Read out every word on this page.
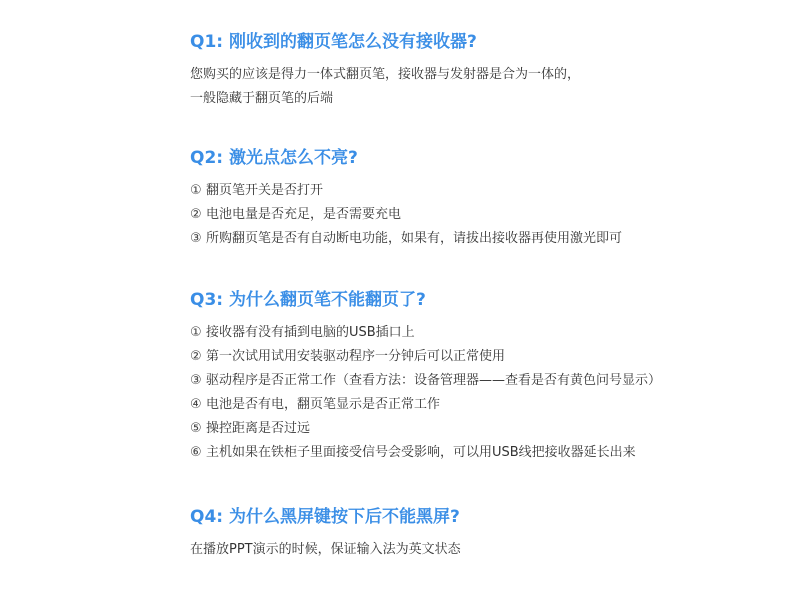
Q1: 刚收到的翻页笔怎么没有接收器?
您购买的应该是得力一体式翻页笔，接收器与发射器是合为一体的，
一般隐藏于翻页笔的后端
Q2: 激光点怎么不亮?
① 翻页笔开关是否打开
② 电池电量是否充足，是否需要充电
③ 所购翻页笔是否有自动断电功能，如果有，请拔出接收器再使用激光即可
Q3: 为什么翻页笔不能翻页了?
① 接收器有没有插到电脑的USB插口上
② 第一次试用试用安装驱动程序一分钟后可以正常使用
③ 驱动程序是否正常工作（查看方法：设备管理器——查看是否有黄色问号显示）
④ 电池是否有电，翻页笔显示是否正常工作
⑤ 操控距离是否过远
⑥ 主机如果在铁柜子里面接受信号会受影响，可以用USB线把接收器延长出来
Q4: 为什么黑屏键按下后不能黑屏?
在播放PPT演示的时候，保证输入法为英文状态
